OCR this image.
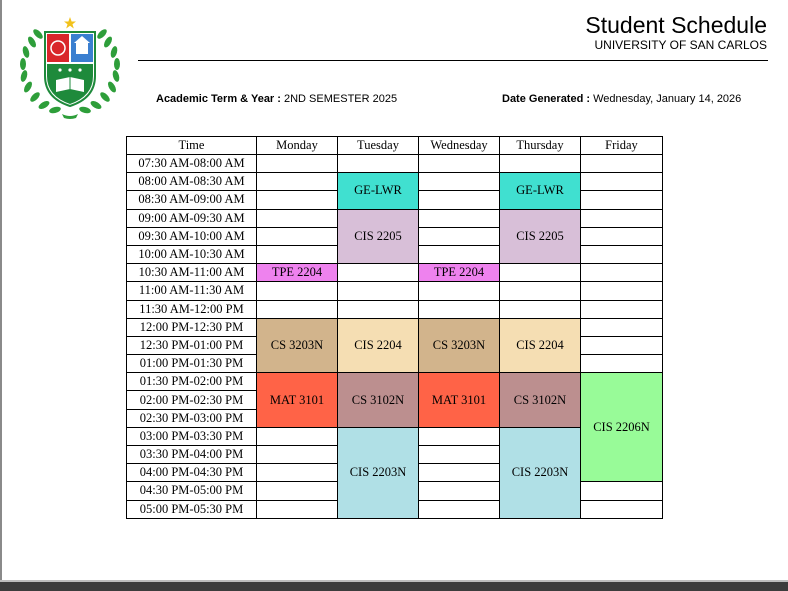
Student Schedule
UNIVERSITY OF SAN CARLOS
Academic Term & Year : 2ND SEMESTER 2025	Date Generated : Wednesday, January 14, 2026
Time	Monday	Tuesday	Wednesday	Thursday	Friday
07:30 AM-08:00 AM					
08:00 AM-08:30 AM		GE-LWR		GE-LWR	
08:30 AM-09:00 AM					
09:00 AM-09:30 AM		CIS 2205		CIS 2205	
09:30 AM-10:00 AM					
10:00 AM-10:30 AM					
10:30 AM-11:00 AM	TPE 2204		TPE 2204		
11:00 AM-11:30 AM					
11:30 AM-12:00 PM					
12:00 PM-12:30 PM	CS 3203N	CIS 2204	CS 3203N	CIS 2204	
12:30 PM-01:00 PM					
01:00 PM-01:30 PM					
01:30 PM-02:00 PM	MAT 3101	CS 3102N	MAT 3101	CS 3102N	CIS 2206N
02:00 PM-02:30 PM					
02:30 PM-03:00 PM					
03:00 PM-03:30 PM		CIS 2203N		CIS 2203N	
03:30 PM-04:00 PM					
04:00 PM-04:30 PM					
04:30 PM-05:00 PM					
05:00 PM-05:30 PM					
